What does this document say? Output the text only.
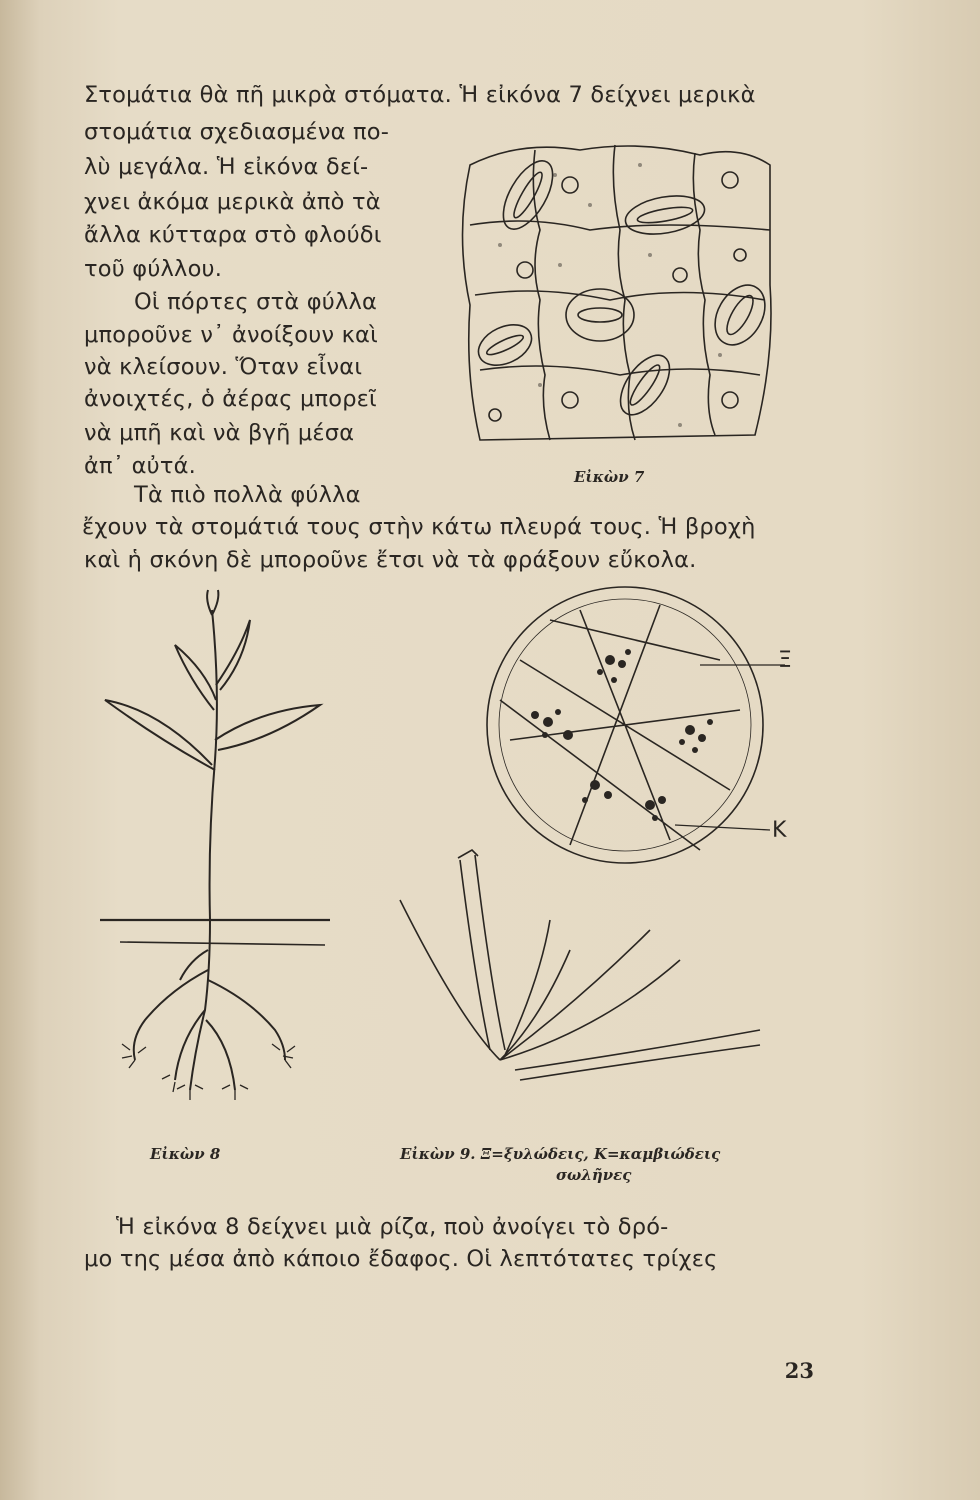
Στομάτια θὰ πῆ μικρὰ στόματα. Ἡ εἰκόνα 7 δείχνει μερικὰ
στομάτια σχεδιασμένα πο-
λὺ μεγάλα. Ἡ εἰκόνα δεί-
χνει ἀκόμα μερικὰ ἀπὸ τὰ
ἄλλα κύτταρα στὸ φλούδι
τοῦ φύλλου.
Οἱ πόρτες στὰ φύλλα
μποροῦνε ν᾿ ἀνοίξουν καὶ
νὰ κλείσουν. Ὅταν εἶναι
ἀνοιχτές, ὁ ἀέρας μπορεῖ
νὰ μπῆ καὶ νὰ βγῆ μέσα
ἀπ᾿ αὐτά.
Τὰ πιὸ πολλὰ φύλλα
ἔχουν τὰ στομάτιά τους στὴν κάτω πλευρά τους. Ἡ βροχὴ
καὶ ἡ σκόνη δὲ μποροῦνε ἔτσι νὰ τὰ φράξουν εὔκολα.
Εἰκὼν 7
Εἰκὼν 8
Ξ
Κ
Εἰκὼν 9. Ξ=ξυλώδεις, Κ=καμβιώδεις
σωλῆνες
Ἡ εἰκόνα 8 δείχνει μιὰ ρίζα, ποὺ ἀνοίγει τὸ δρό-
μο της μέσα ἀπὸ κάποιο ἔδαφος. Οἱ λεπτότατες τρίχες
23
